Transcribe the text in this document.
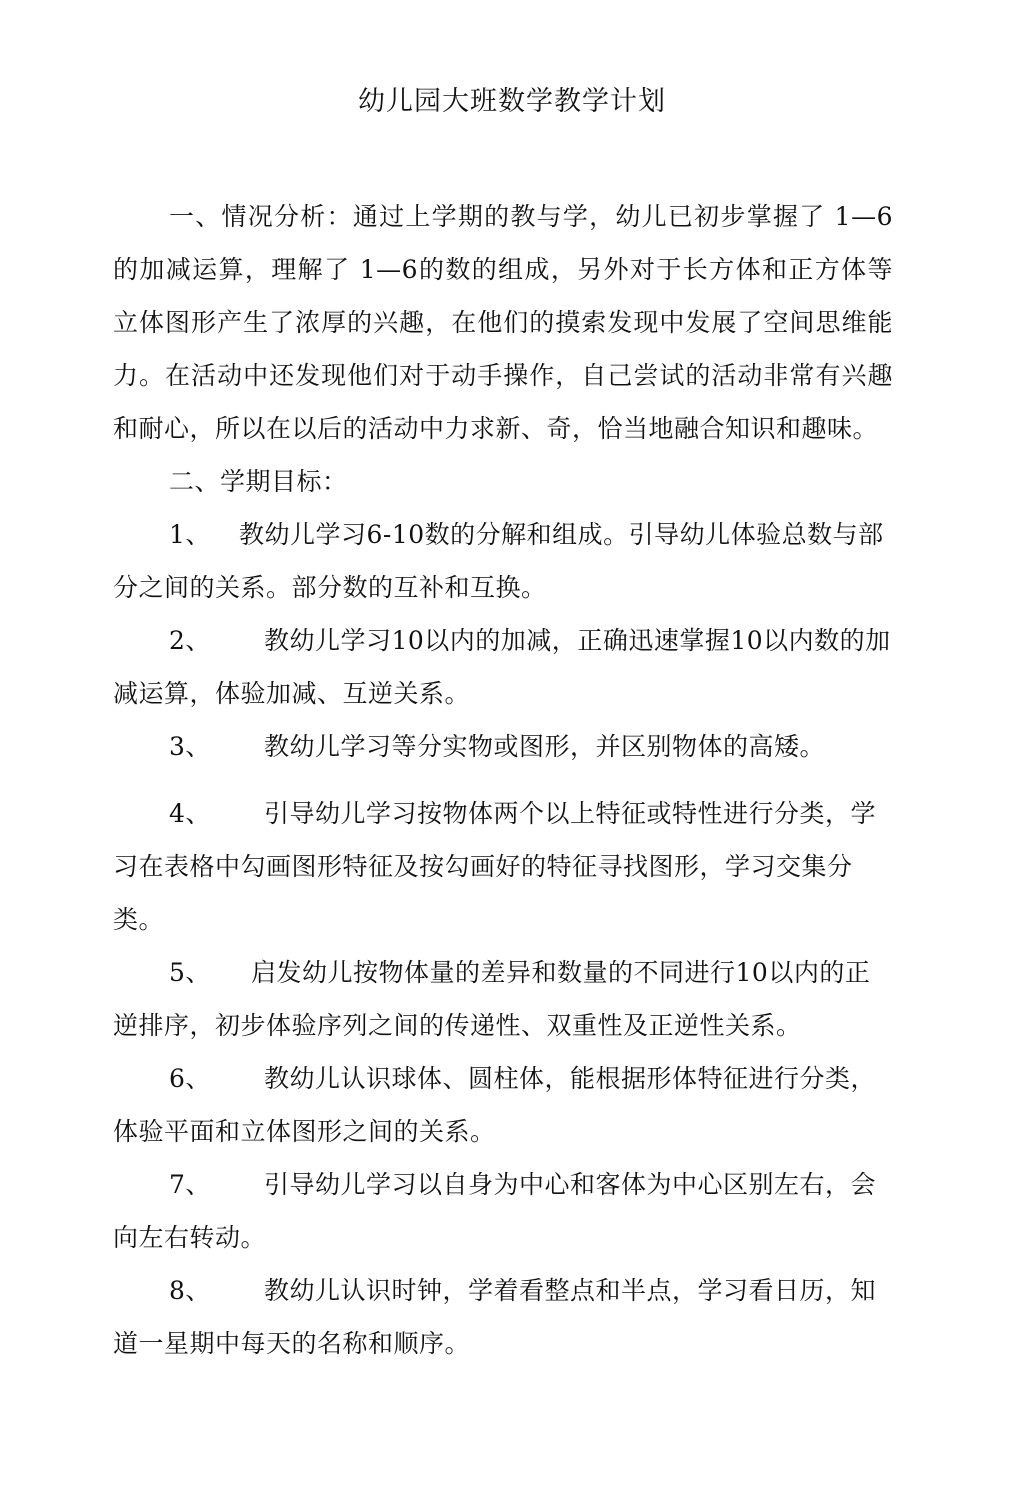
幼儿园大班数学教学计划

一、情况分析：通过上学期的教与学，幼儿已初步掌握了 1—6的加减运算，理解了 1—6的数的组成，另外对于长方体和正方体等立体图形产生了浓厚的兴趣，在他们的摸索发现中发展了空间思维能力。在活动中还发现他们对于动手操作，自己尝试的活动非常有兴趣和耐心，所以在以后的活动中力求新、奇，恰当地融合知识和趣味。

二、学期目标：

1、 教幼儿学习6-10数的分解和组成。引导幼儿体验总数与部分之间的关系。部分数的互补和互换。

2、 教幼儿学习10以内的加减，正确迅速掌握10以内数的加减运算，体验加减、互逆关系。

3、 教幼儿学习等分实物或图形，并区别物体的高矮。

4、 引导幼儿学习按物体两个以上特征或特性进行分类，学习在表格中勾画图形特征及按勾画好的特征寻找图形，学习交集分类。

5、 启发幼儿按物体量的差异和数量的不同进行10以内的正逆排序，初步体验序列之间的传递性、双重性及正逆性关系。

6、 教幼儿认识球体、圆柱体，能根据形体特征进行分类，体验平面和立体图形之间的关系。

7、 引导幼儿学习以自身为中心和客体为中心区别左右，会向左右转动。

8、 教幼儿认识时钟，学着看整点和半点，学习看日历，知道一星期中每天的名称和顺序。
